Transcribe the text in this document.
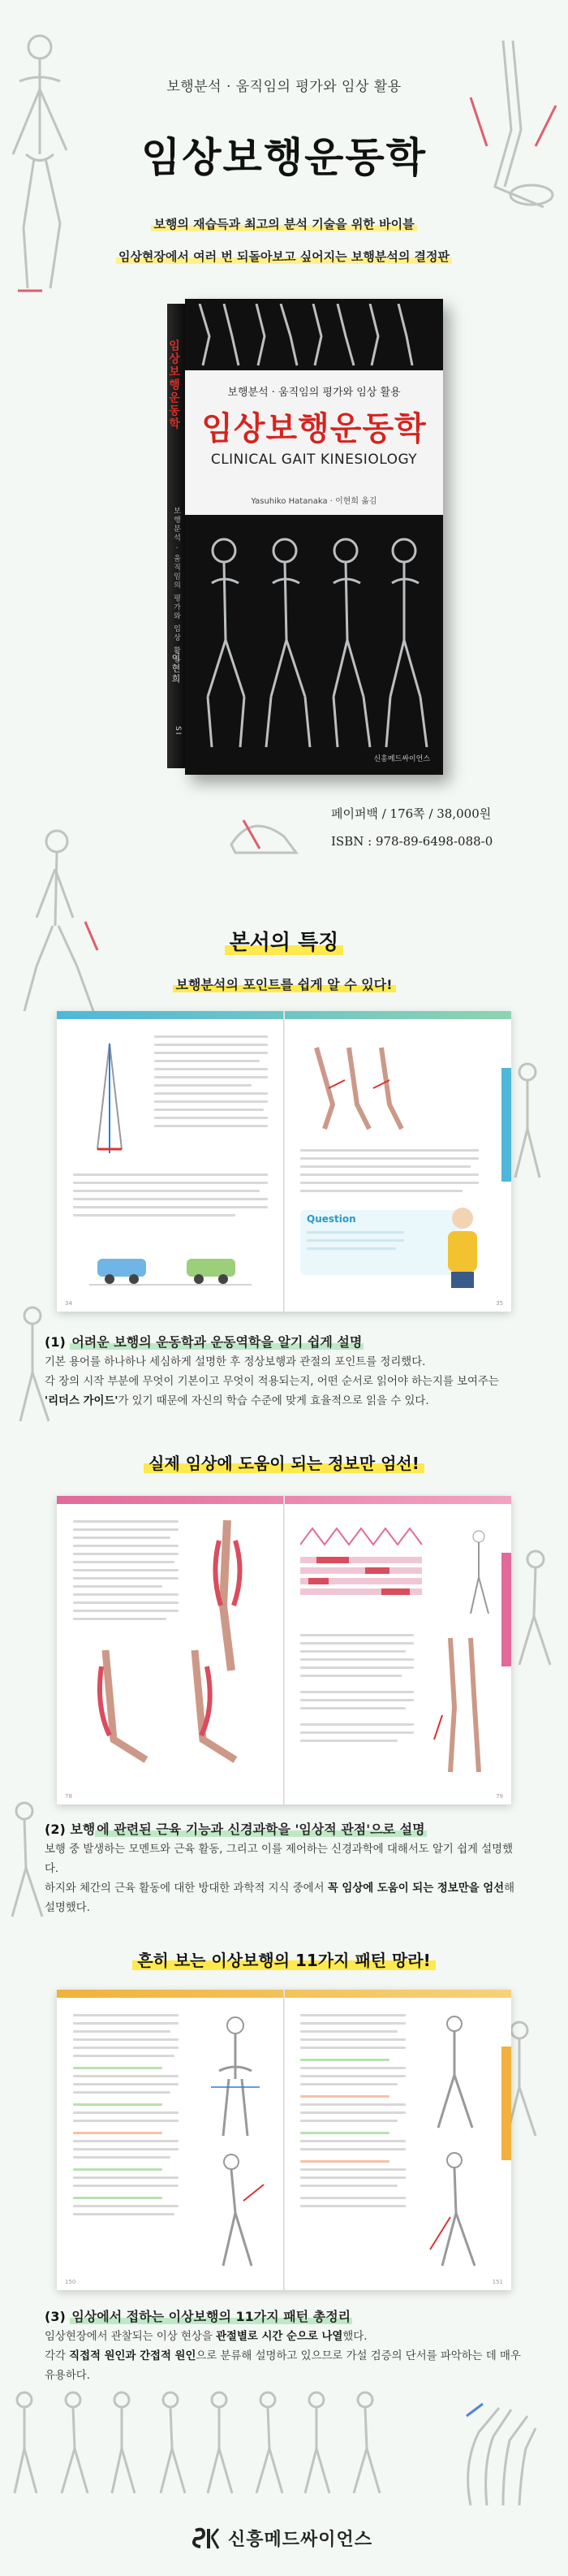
보행분석 · 움직임의 평가와 임상 활용
임상보행운동학
보행의 재습득과 최고의 분석 기술을 위한 바이블
임상현장에서 여러 번 되돌아보고 싶어지는 보행분석의 결정판
임상보행운동학
보행분석 · 움직임의 평가와 임상 활용
이현희
SI
보행분석 · 움직임의 평가와 임상 활용
임상보행운동학
CLINICAL GAIT KINESIOLOGY
Yasuhiko Hatanaka · 이현희 옮김
신흥메드싸이언스
페이퍼백 / 176쪽 / 38,000원
ISBN : 978-89-6498-088-0
본서의 특징
보행분석의 포인트를 쉽게 알 수 있다!
Question
34	35
(1) 어려운 보행의 운동학과 운동역학을 알기 쉽게 설명
기본 용어를 하나하나 세심하게 설명한 후 정상보행과 관절의 포인트를 정리했다.
각 장의 시작 부분에 무엇이 기본이고 무엇이 적용되는지, 어떤 순서로 읽어야 하는지를 보여주는
'리더스 가이드'가 있기 때문에 자신의 학습 수준에 맞게 효율적으로 읽을 수 있다.
실제 임상에 도움이 되는 정보만 엄선!
78	79
(2) 보행 에 관련된 근육 기능과 신경과학을 '임상적 관점'으로 설명
보행 중 발생하는 모멘트와 근육 활동, 그리고 이를 제어하는 신경과학에 대해서도 알기 쉽게 설명했다.
하지와 체간의 근육 활동에 대한 방대한 과학적 지식 중에서 꼭 임상에 도움이 되는 정보만을 엄선해 설명했다.
흔히 보는 이상보행의 11가지 패턴 망라!
150	151
(3) 임상에서 접하는 이상보행의 11가지 패턴 총정리
임상현장에서 관찰되는 이상 현상을 관절별로 시간 순으로 나열했다.
각각 직접적 원인과 간접적 원인으로 분류해 설명하고 있으므로 가설 검증의 단서를 파악하는 데 매우 유용하다.
신흥메드싸이언스
